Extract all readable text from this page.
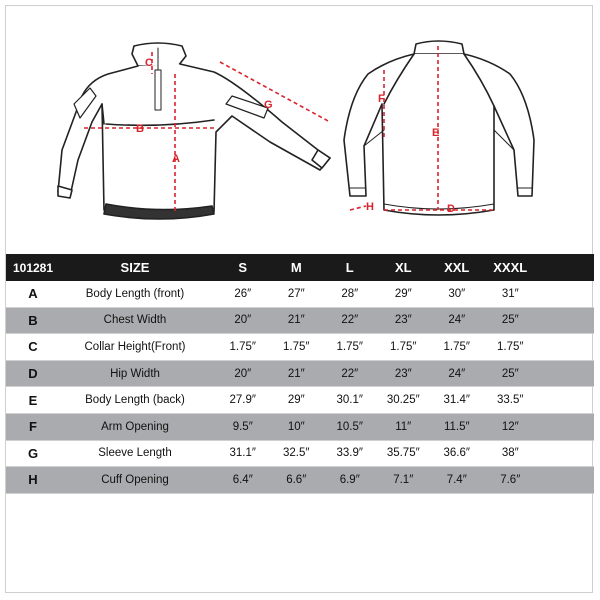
C
B
A
G	F
E
D
H
101281	SIZE	S	M	L	XL	XXL	XXXL
A	Body Length (front)	26″	27″	28″	29″	30″	31″
B	Chest Width	20″	21″	22″	23″	24″	25″
C	Collar Height(Front)	1.75″	1.75″	1.75″	1.75″	1.75″	1.75″
D	Hip Width	20″	21″	22″	23″	24″	25″
E	Body Length (back)	27.9″	29″	30.1″	30.25″	31.4″	33.5″
F	Arm Opening	9.5″	10″	10.5″	11″	11.5″	12″
G	Sleeve Length	31.1″	32.5″	33.9″	35.75″	36.6″	38″
H	Cuff Opening	6.4″	6.6″	6.9″	7.1″	7.4″	7.6″
